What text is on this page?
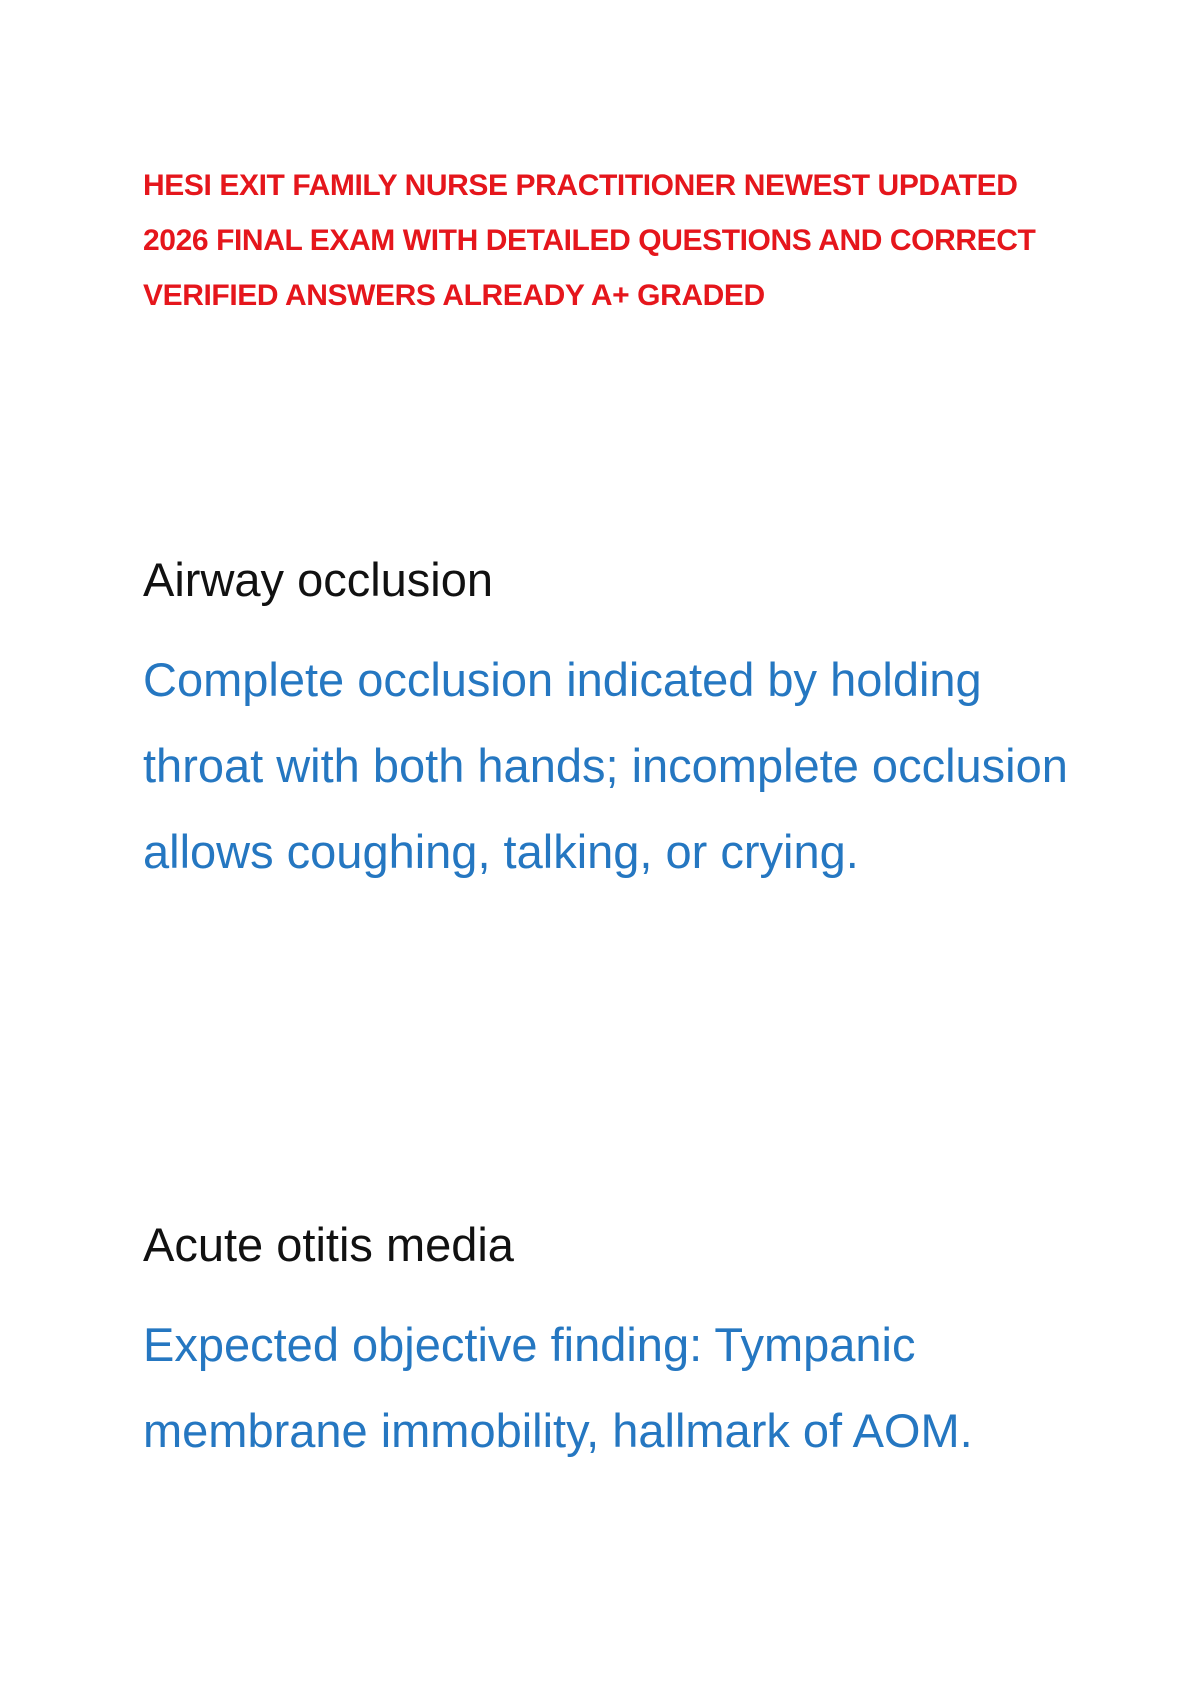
HESI EXIT FAMILY NURSE PRACTITIONER NEWEST UPDATED 2026 FINAL EXAM WITH DETAILED QUESTIONS AND CORRECT VERIFIED ANSWERS ALREADY A+ GRADED
Airway occlusion

Complete occlusion indicated by holding throat with both hands; incomplete occlusion allows coughing, talking, or crying.

Acute otitis media

Expected objective finding: Tympanic membrane immobility, hallmark of AOM.
